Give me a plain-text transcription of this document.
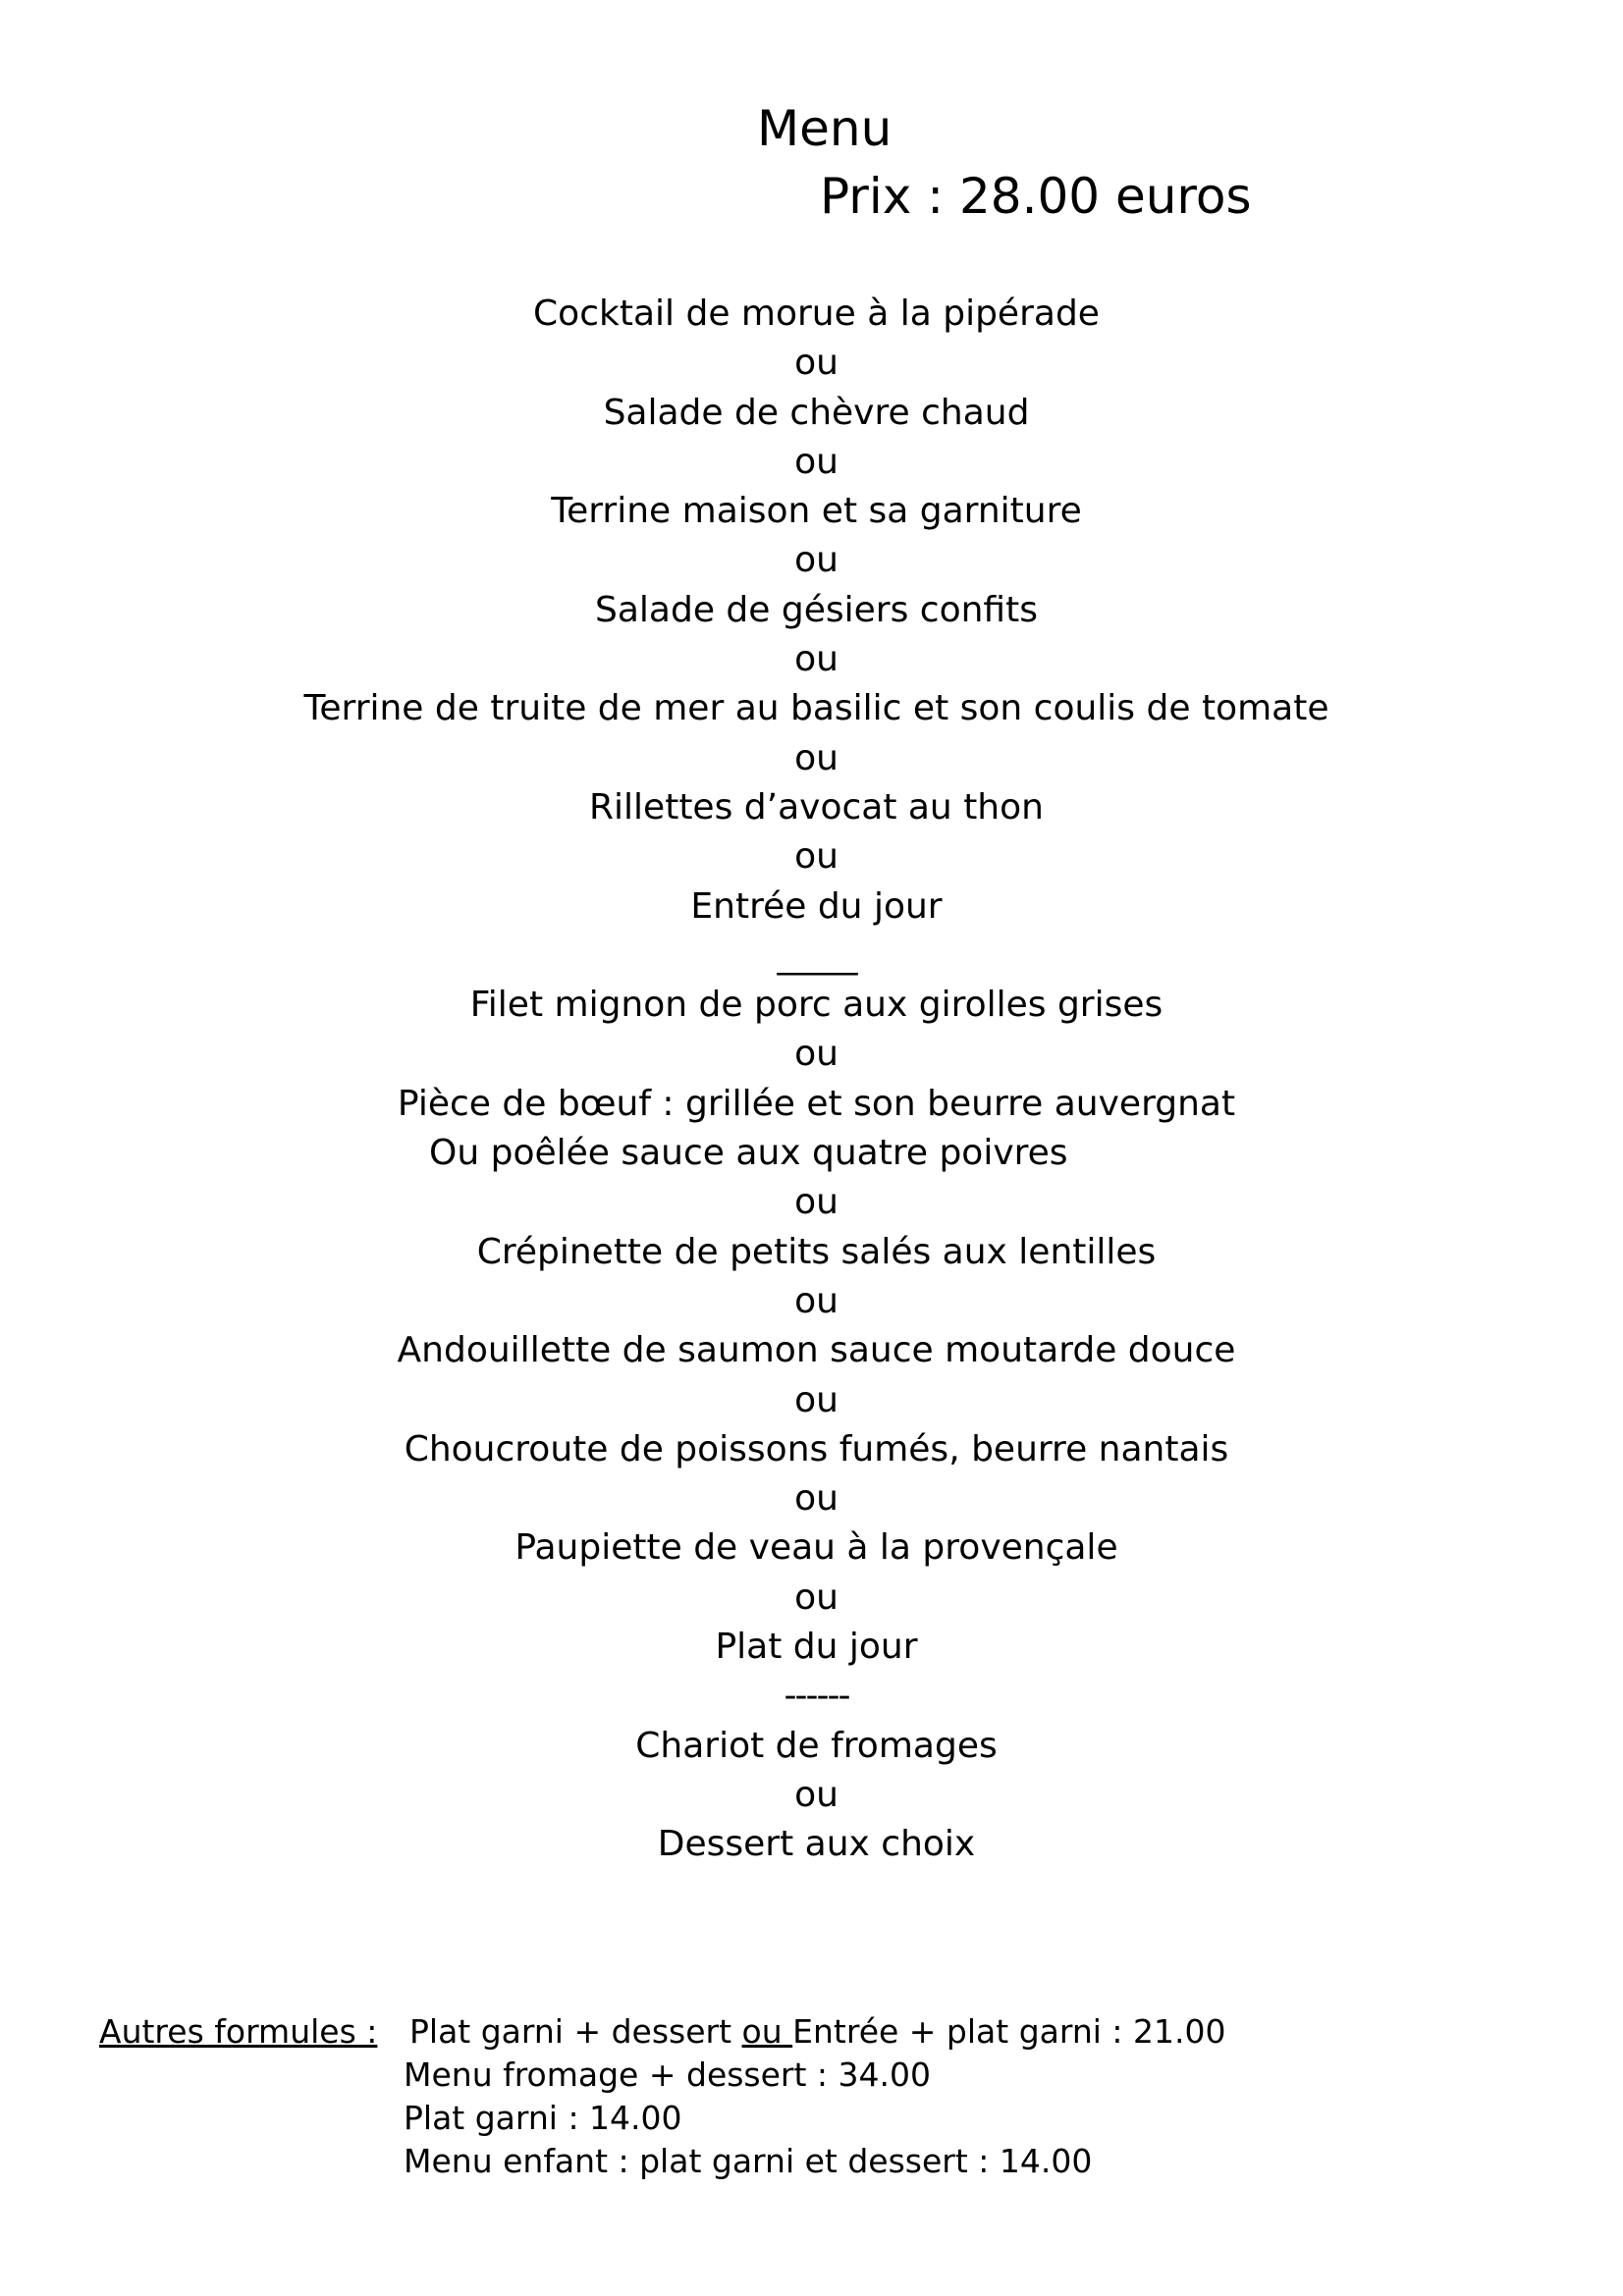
Menu
Prix : 28.00 euros
Cocktail de morue à la pipérade
ou
Salade de chèvre chaud
ou
Terrine maison et sa garniture
ou
Salade de gésiers confits
ou
Terrine de truite de mer au basilic et son coulis de tomate
ou
Rillettes d’avocat au thon
ou
Entrée du jour
_____
Filet mignon de porc aux girolles grises
ou
Pièce de bœuf : grillée et son beurre auvergnat
Ou poêlée sauce aux quatre poivres
ou
Crépinette de petits salés aux lentilles
ou
Andouillette de saumon sauce moutarde douce
ou
Choucroute de poissons fumés, beurre nantais
ou
Paupiette de veau à la provençale
ou
Plat du jour
------
Chariot de fromages
ou
Dessert aux choix
Autres formules : Plat garni + dessert ou Entrée + plat garni : 21.00
Menu fromage + dessert : 34.00
Plat garni : 14.00
Menu enfant : plat garni et dessert : 14.00
